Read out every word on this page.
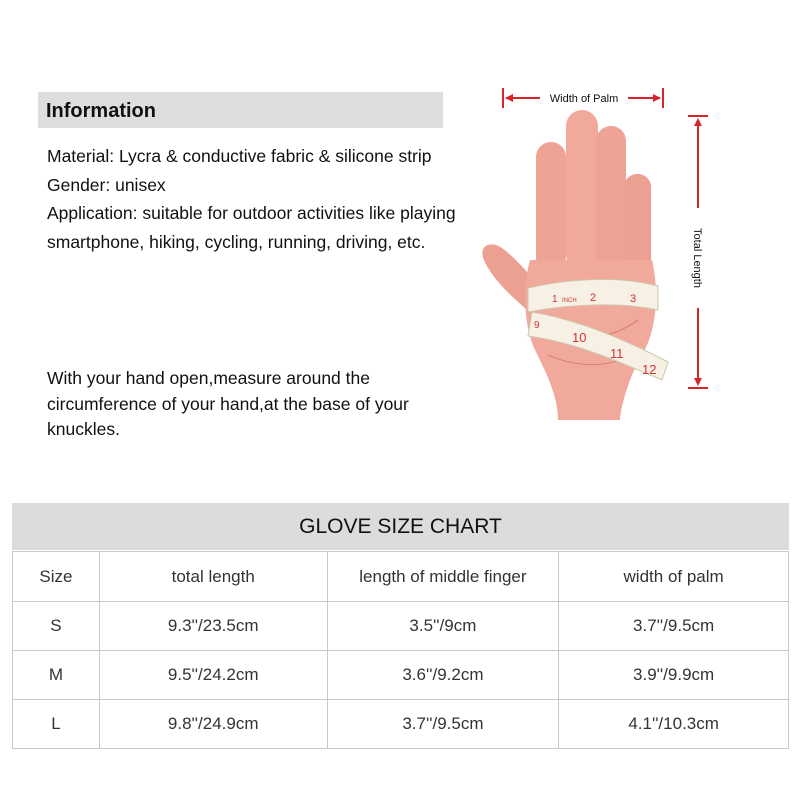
Information

Material: Lycra & conductive fabric & silicone strip

Gender: unisex

Application: suitable for outdoor activities like playing smartphone, hiking, cycling, running, driving, etc.

With your hand open,measure around the circumference of your hand,at the base of your knuckles.
Width of Palm
Total Length
1 INCH 2	3
9
10
11
12
GLOVE SIZE CHART
Size	total length	length of middle finger	width of palm
S	9.3''/23.5cm	3.5''/9cm	3.7''/9.5cm
M	9.5''/24.2cm	3.6''/9.2cm	3.9''/9.9cm
L	9.8''/24.9cm	3.7''/9.5cm	4.1''/10.3cm
